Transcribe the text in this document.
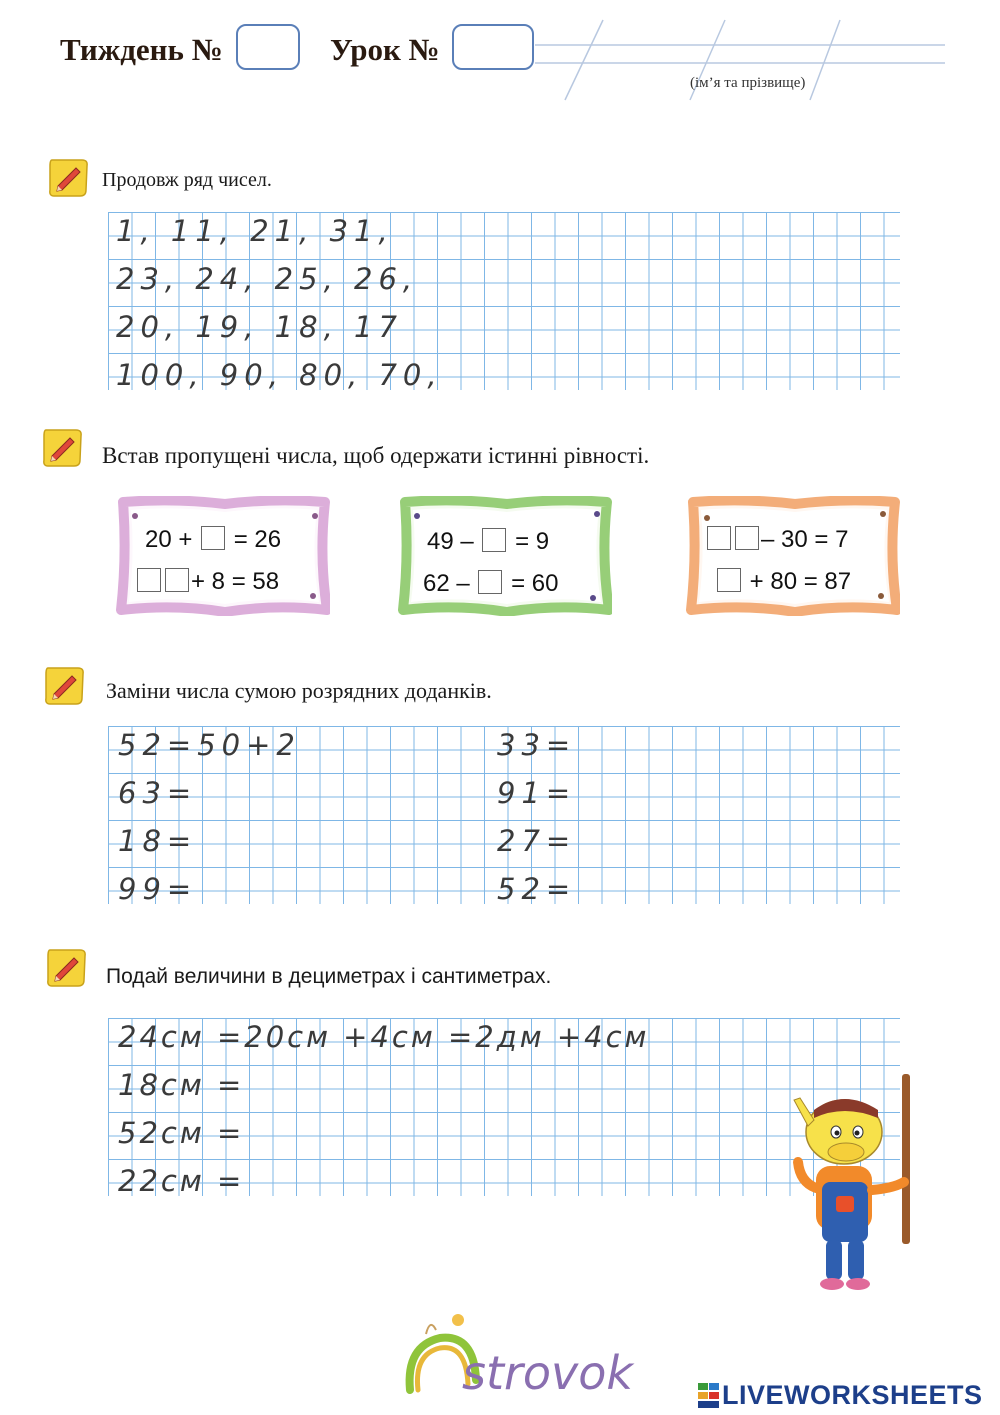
Тиждень №	Урок №
(ім’я та прізвище)
Продовж ряд чисел.
1, 11, 21, 31,
23, 24, 25, 26,
20, 19, 18, 17
100, 90, 80, 70,
Встав пропущені числа, щоб одержати істинні рівності.
20 + = 26
+ 8 = 58
49 – = 9
62 – = 60
– 30 = 7
+ 80 = 87
Заміни числа сумою розрядних доданків.
52=50+2
63=
18=
99=
33=
91=
27=
52=
Подай величини в дециметрах і сантиметрах.
24см =20см +4см =2дм +4см
18см =
52см =
22см =
strovok	LIVEWORKSHEETS
